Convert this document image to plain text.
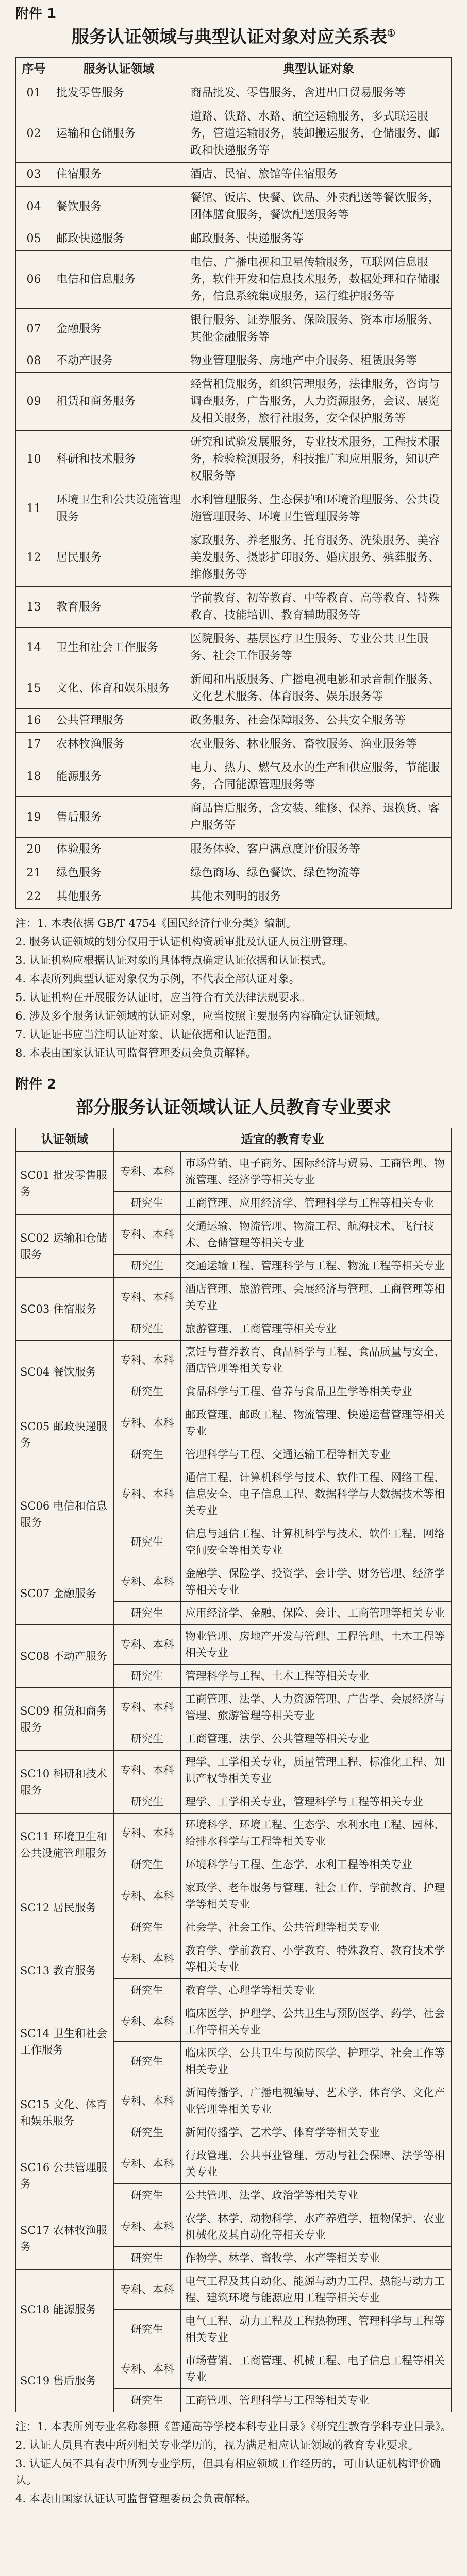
附件 1
服务认证领域与典型认证对象对应关系表①
序号	服务认证领域	典型认证对象
01	批发零售服务	商品批发、零售服务，含进出口贸易服务等
02	运输和仓储服务	道路、铁路、水路、航空运输服务，多式联运服务，管道运输服务，装卸搬运服务，仓储服务，邮政和快递服务等
03	住宿服务	酒店、民宿、旅馆等住宿服务
04	餐饮服务	餐馆、饭店、快餐、饮品、外卖配送等餐饮服务，团体膳食服务，餐饮配送服务等
05	邮政快递服务	邮政服务、快递服务等
06	电信和信息服务	电信、广播电视和卫星传输服务，互联网信息服务，软件开发和信息技术服务，数据处理和存储服务，信息系统集成服务，运行维护服务等
07	金融服务	银行服务、证券服务、保险服务、资本市场服务、其他金融服务等
08	不动产服务	物业管理服务、房地产中介服务、租赁服务等
09	租赁和商务服务	经营租赁服务，组织管理服务，法律服务，咨询与调查服务，广告服务，人力资源服务，会议、展览及相关服务，旅行社服务，安全保护服务等
10	科研和技术服务	研究和试验发展服务，专业技术服务，工程技术服务，检验检测服务，科技推广和应用服务，知识产权服务等
11	环境卫生和公共设施管理服务	水利管理服务、生态保护和环境治理服务、公共设施管理服务、环境卫生管理服务等
12	居民服务	家政服务、养老服务、托育服务、洗染服务、美容美发服务、摄影扩印服务、婚庆服务、殡葬服务、维修服务等
13	教育服务	学前教育、初等教育、中等教育、高等教育、特殊教育、技能培训、教育辅助服务等
14	卫生和社会工作服务	医院服务、基层医疗卫生服务、专业公共卫生服务、社会工作服务等
15	文化、体育和娱乐服务	新闻和出版服务、广播电视电影和录音制作服务、文化艺术服务、体育服务、娱乐服务等
16	公共管理服务	政务服务、社会保障服务、公共安全服务等
17	农林牧渔服务	农业服务、林业服务、畜牧服务、渔业服务等
18	能源服务	电力、热力、燃气及水的生产和供应服务，节能服务，合同能源管理服务等
19	售后服务	商品售后服务，含安装、维修、保养、退换货、客户服务等
20	体验服务	服务体验、客户满意度评价服务等
21	绿色服务	绿色商场、绿色餐饮、绿色物流等
22	其他服务	其他未列明的服务

注：1. 本表依据 GB/T 4754《国民经济行业分类》编制。

2. 服务认证领域的划分仅用于认证机构资质审批及认证人员注册管理。

3. 认证机构应根据认证对象的具体特点确定认证依据和认证模式。

4. 本表所列典型认证对象仅为示例，不代表全部认证对象。

5. 认证机构在开展服务认证时，应当符合有关法律法规要求。

6. 涉及多个服务认证领域的认证对象，应当按照主要服务内容确定认证领域。

7. 认证证书应当注明认证对象、认证依据和认证范围。

8. 本表由国家认证认可监督管理委员会负责解释。

附件 2
部分服务认证领域认证人员教育专业要求
认证领域	适宜的教育专业	
SC01 批发零售服务	专科、本科	市场营销、电子商务、国际经济与贸易、工商管理、物流管理、经济学等相关专业
	研究生	工商管理、应用经济学、管理科学与工程等相关专业
SC02 运输和仓储服务	专科、本科	交通运输、物流管理、物流工程、航海技术、飞行技术、仓储管理等相关专业
	研究生	交通运输工程、管理科学与工程、物流工程等相关专业
SC03 住宿服务	专科、本科	酒店管理、旅游管理、会展经济与管理、工商管理等相关专业
	研究生	旅游管理、工商管理等相关专业
SC04 餐饮服务	专科、本科	烹饪与营养教育、食品科学与工程、食品质量与安全、酒店管理等相关专业
	研究生	食品科学与工程、营养与食品卫生学等相关专业
SC05 邮政快递服务	专科、本科	邮政管理、邮政工程、物流管理、快递运营管理等相关专业
	研究生	管理科学与工程、交通运输工程等相关专业
SC06 电信和信息服务	专科、本科	通信工程、计算机科学与技术、软件工程、网络工程、信息安全、电子信息工程、数据科学与大数据技术等相关专业
	研究生	信息与通信工程、计算机科学与技术、软件工程、网络空间安全等相关专业
SC07 金融服务	专科、本科	金融学、保险学、投资学、会计学、财务管理、经济学等相关专业
	研究生	应用经济学、金融、保险、会计、工商管理等相关专业
SC08 不动产服务	专科、本科	物业管理、房地产开发与管理、工程管理、土木工程等相关专业
	研究生	管理科学与工程、土木工程等相关专业
SC09 租赁和商务服务	专科、本科	工商管理、法学、人力资源管理、广告学、会展经济与管理、旅游管理等相关专业
	研究生	工商管理、法学、公共管理等相关专业
SC10 科研和技术服务	专科、本科	理学、工学相关专业，质量管理工程、标准化工程、知识产权等相关专业
	研究生	理学、工学相关专业，管理科学与工程等相关专业
SC11 环境卫生和公共设施管理服务	专科、本科	环境科学、环境工程、生态学、水利水电工程、园林、给排水科学与工程等相关专业
	研究生	环境科学与工程、生态学、水利工程等相关专业
SC12 居民服务	专科、本科	家政学、老年服务与管理、社会工作、学前教育、护理学等相关专业
	研究生	社会学、社会工作、公共管理等相关专业
SC13 教育服务	专科、本科	教育学、学前教育、小学教育、特殊教育、教育技术学等相关专业
	研究生	教育学、心理学等相关专业
SC14 卫生和社会工作服务	专科、本科	临床医学、护理学、公共卫生与预防医学、药学、社会工作等相关专业
	研究生	临床医学、公共卫生与预防医学、护理学、社会工作等相关专业
SC15 文化、体育和娱乐服务	专科、本科	新闻传播学、广播电视编导、艺术学、体育学、文化产业管理等相关专业
	研究生	新闻传播学、艺术学、体育学等相关专业
SC16 公共管理服务	专科、本科	行政管理、公共事业管理、劳动与社会保障、法学等相关专业
	研究生	公共管理、法学、政治学等相关专业
SC17 农林牧渔服务	专科、本科	农学、林学、动物科学、水产养殖学、植物保护、农业机械化及其自动化等相关专业
	研究生	作物学、林学、畜牧学、水产等相关专业
SC18 能源服务	专科、本科	电气工程及其自动化、能源与动力工程、热能与动力工程、建筑环境与能源应用工程等相关专业
	研究生	电气工程、动力工程及工程热物理、管理科学与工程等相关专业
SC19 售后服务	专科、本科	市场营销、工商管理、机械工程、电子信息工程等相关专业
	研究生	工商管理、管理科学与工程等相关专业

注：1. 本表所列专业名称参照《普通高等学校本科专业目录》《研究生教育学科专业目录》。

2. 认证人员具有表中所列相关专业学历的，视为满足相应认证领域的教育专业要求。

3. 认证人员不具有表中所列专业学历，但具有相应领域工作经历的，可由认证机构评价确认。

4. 本表由国家认证认可监督管理委员会负责解释。
